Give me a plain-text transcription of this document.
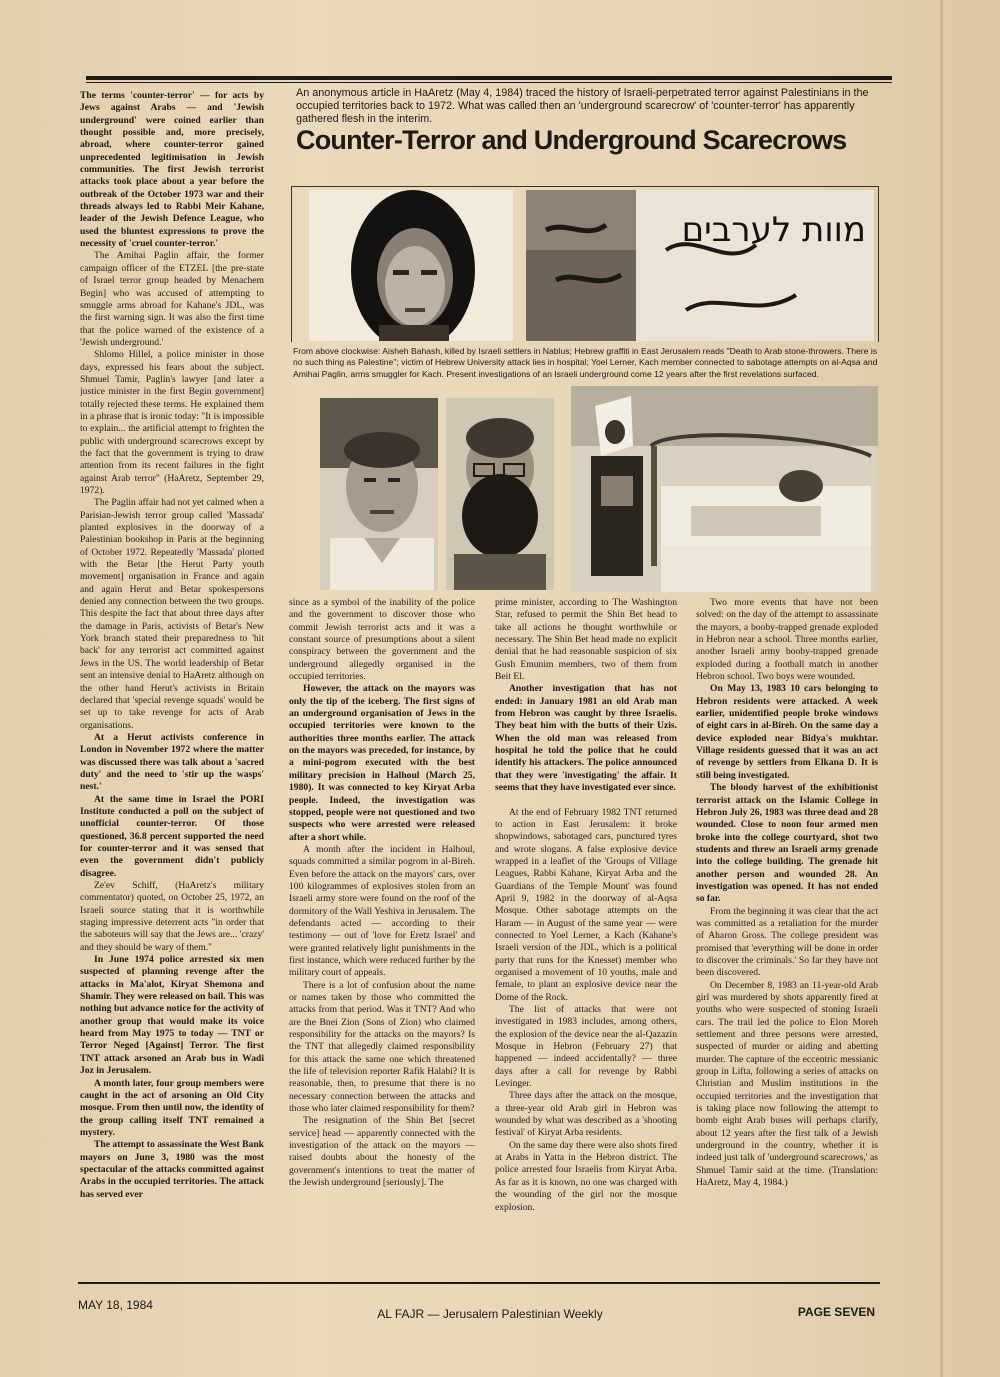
The terms 'counter-terror' — for acts by Jews against Arabs — and 'Jewish underground' were coined earlier than thought possible and, more precisely, abroad, where counter-terror gained unprecedented legitimisation in Jewish communities. The first Jewish terrorist attacks took place about a year before the outbreak of the October 1973 war and their threads always led to Rabbi Meir Kahane, leader of the Jewish Defence League, who used the bluntest expressions to prove the necessity of 'cruel counter-terror.'

The Amihai Paglin affair, the former campaign officer of the ETZEL [the pre-state of Israel terror group headed by Menachem Begin] who was accused of attempting to smuggle arms abroad for Kahane's JDL, was the first warning sign. It was also the first time that the police warned of the existence of a 'Jewish underground.'

Shlomo Hillel, a police minister in those days, expressed his fears about the subject. Shmuel Tamir, Paglin's lawyer [and later a justice minister in the first Begin government] totally rejected these terms. He explained them in a phrase that is ironic today: "It is impossible to explain... the artificial attempt to frighten the public with underground scarecrows except by the fact that the government is trying to draw attention from its recent failures in the fight against Arab terror" (HaAretz, September 29, 1972).

The Paglin affair had not yet calmed when a Parisian-Jewish terror group called 'Massada' planted explosives in the doorway of a Palestinian bookshop in Paris at the beginning of October 1972. Repeatedly 'Massada' plotted with the Betar [the Herut Party youth movement] organisation in France and again and again Herut and Betar spokespersons denied any connection between the two groups. This despite the fact that about three days after the damage in Paris, activists of Betar's New York branch stated their preparedness to 'hit back' for any terrorist act committed against Jews in the US. The world leadership of Betar sent an intensive denial to HaAretz although on the other hand Herut's activists in Britain declared that 'special revenge squads' would be set up to take revenge for acts of Arab organisations.

At a Herut activists conference in London in November 1972 where the matter was discussed there was talk about a 'sacred duty' and the need to 'stir up the wasps' nest.'

At the same time in Israel the PORI Institute conducted a poll on the subject of unofficial counter-terror. Of those questioned, 36.8 percent supported the need for counter-terror and it was sensed that even the government didn't publicly disagree.

Ze'ev Schiff, (HaAretz's military commentator) quoted, on October 25, 1972, an Israeli source stating that it is worthwhile staging impressive deterrent acts "in order that the saboteurs will say that the Jews are... 'crazy' and they should be wary of them."

In June 1974 police arrested six men suspected of planning revenge after the attacks in Ma'alot, Kiryat Shemona and Shamir. They were released on bail. This was nothing but advance notice for the activity of another group that would make its voice heard from May 1975 to today — TNT or Terror Neged [Against] Terror. The first TNT attack arsoned an Arab bus in Wadi Joz in Jerusalem.

A month later, four group members were caught in the act of arsoning an Old City mosque. From then until now, the identity of the group calling itself TNT remained a mystery.

The attempt to assassinate the West Bank mayors on June 3, 1980 was the most spectacular of the attacks committed against Arabs in the occupied territories. The attack has served ever

An anonymous article in HaAretz (May 4, 1984) traced the history of Israeli-perpetrated terror against Palestinians in the occupied territories back to 1972. What was called then an 'underground scarecrow' of 'counter-terror' has apparently gathered flesh in the interim.
Counter-Terror and Underground Scarecrows
מוות לערבים
From above clockwise: Aisheh Bahash, killed by Israeli settlers in Nablus; Hebrew graffiti in East Jerusalem reads "Death to Arab stone-throwers. There is no such thing as Palestine"; victim of Hebrew University attack lies in hospital; Yoel Lerner, Kach member connected to sabotage attempts on al-Aqsa and Amihai Paglin, arms smuggler for Kach. Present investigations of an Israeli underground come 12 years after the first revelations surfaced.

since as a symbol of the inability of the police and the government to discover those who commit Jewish terrorist acts and it was a constant source of presumptions about a silent conspiracy between the government and the underground allegedly organised in the occupied territories.

However, the attack on the mayors was only the tip of the iceberg. The first signs of an underground organisation of Jews in the occupied territories were known to the authorities three months earlier. The attack on the mayors was preceded, for instance, by a mini-pogrom executed with the best military precision in Halhoul (March 25, 1980). It was connected to key Kiryat Arba people. Indeed, the investigation was stopped, people were not questioned and two suspects who were arrested were released after a short while.

A month after the incident in Halhoul, squads committed a similar pogrom in al-Bireh. Even before the attack on the mayors' cars, over 100 kilogrammes of explosives stolen from an Israeli army store were found on the roof of the dormitory of the Wall Yeshiva in Jerusalem. The defendants acted — according to their testimony — out of 'love for Eretz Israel' and were granted relatively light punishments in the first instance, which were reduced further by the military court of appeals.

There is a lot of confusion about the name or names taken by those who committed the attacks from that period. Was it TNT? And who are the Bnei Zion (Sons of Zion) who claimed responsibility for the attacks on the mayors? Is the TNT that allegedly claimed responsibility for this attack the same one which threatened the life of television reporter Rafik Halabi? It is reasonable, then, to presume that there is no necessary connection between the attacks and those who later claimed responsibility for them?

The resignation of the Shin Bet [secret service] head — apparently connected with the investigation of the attack on the mayors — raised doubts about the honesty of the government's intentions to treat the matter of the Jewish underground [seriously]. The

prime minister, according to The Washington Star, refused to permit the Shin Bet head to take all actions he thought worthwhile or necessary. The Shin Bet head made no explicit denial that he had reasonable suspicion of six Gush Emunim members, two of them from Beit El.

Another investigation that has not ended: in January 1981 an old Arab man from Hebron was caught by three Israelis. They beat him with the butts of their Uzis. When the old man was released from hospital he told the police that he could identify his attackers. The police announced that they were 'investigating' the affair. It seems that they have investigated ever since.

At the end of February 1982 TNT returned to action in East Jerusalem: it broke shopwindows, sabotaged cars, punctured tyres and wrote slogans. A false explosive device wrapped in a leaflet of the 'Groups of Village Leagues, Rabbi Kahane, Kiryat Arba and the Guardians of the Temple Mount' was found April 9, 1982 in the doorway of al-Aqsa Mosque. Other sabotage attempts on the Haram — in August of the same year — were connected to Yoel Lerner, a Kach (Kahane's Israeli version of the JDL, which is a political party that runs for the Knesset) member who organised a movement of 10 youths, male and female, to plant an explosive device near the Dome of the Rock.

The list of attacks that were not investigated in 1983 includes, among others, the explosion of the device near the al-Qazazin Mosque in Hebron (February 27) that happened — indeed accidentally? — three days after a call for revenge by Rabbi Levinger.

Three days after the attack on the mosque, a three-year old Arab girl in Hebron was wounded by what was described as a 'shooting festival' of Kiryat Arba residents.

On the same day there were also shots fired at Arabs in Yatta in the Hebron district. The police arrested four Israelis from Kiryat Arba. As far as it is known, no one was charged with the wounding of the girl nor the mosque explosion.

Two more events that have not been solved: on the day of the attempt to assassinate the mayors, a booby-trapped grenade exploded in Hebron near a school. Three months earlier, another Israeli army booby-trapped grenade exploded during a football match in another Hebron school. Two boys were wounded.

On May 13, 1983 10 cars belonging to Hebron residents were attacked. A week earlier, unidentified people broke windows of eight cars in al-Bireh. On the same day a device exploded near Bidya's mukhtar. Village residents guessed that it was an act of revenge by settlers from Elkana D. It is still being investigated.

The bloody harvest of the exhibitionist terrorist attack on the Islamic College in Hebron July 26, 1983 was three dead and 28 wounded. Close to noon four armed men broke into the college courtyard, shot two students and threw an Israeli army grenade into the college building. The grenade hit another person and wounded 28. An investigation was opened. It has not ended so far.

From the beginning it was clear that the act was committed as a retaliation for the murder of Aharon Gross. The college president was promised that 'everything will be done in order to discover the criminals.' So far they have not been discovered.

On December 8, 1983 an 11-year-old Arab girl was murdered by shots apparently fired at youths who were suspected of stoning Israeli cars. The trail led the police to Elon Moreh settlement and three persons were arrested, suspected of murder or aiding and abetting murder. The capture of the eccentric messianic group in Lifta, following a series of attacks on Christian and Muslim institutions in the occupied territories and the investigation that is taking place now following the attempt to bomb eight Arab buses will perhaps clarify, about 12 years after the first talk of a Jewish underground in the country, whether it is indeed just talk of 'underground scarecrows,' as Shmuel Tamir said at the time. (Translation: HaAretz, May 4, 1984.)

MAY 18, 1984
AL FAJR — Jerusalem Palestinian Weekly	PAGE SEVEN
